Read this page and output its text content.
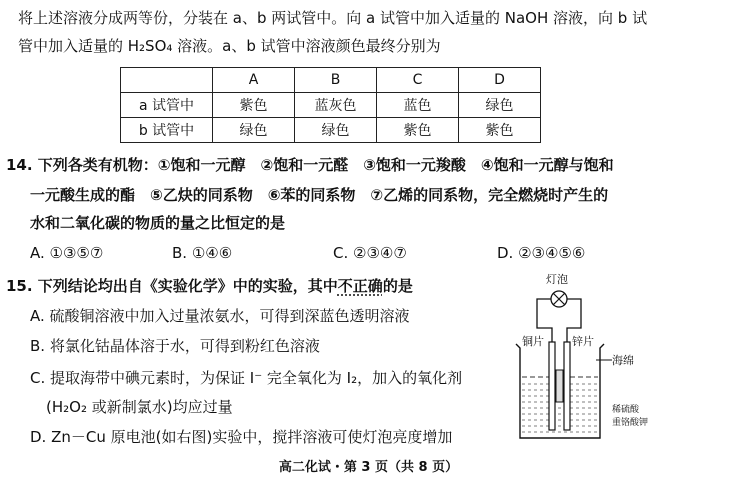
将上述溶液分成两等份，分装在 a、b 两试管中。向 a 试管中加入适量的 NaOH 溶液，向 b 试
管中加入适量的 H₂SO₄ 溶液。a、b 试管中溶液颜色最终分别为
	A	B	C	D
a 试管中	紫色	蓝灰色	蓝色	绿色
b 试管中	绿色	绿色	紫色	紫色
14. 下列各类有机物：①饱和一元醇　②饱和一元醛　③饱和一元羧酸　④饱和一元醇与饱和
一元酸生成的酯　⑤乙炔的同系物　⑥苯的同系物　⑦乙烯的同系物，完全燃烧时产生的
水和二氧化碳的物质的量之比恒定的是
A. ①③⑤⑦	B. ①④⑥	C. ②③④⑦	D. ②③④⑤⑥
15. 下列结论均出自《实验化学》中的实验，其中不正确的是
A. 硫酸铜溶液中加入过量浓氨水，可得到深蓝色透明溶液
B. 将氯化钴晶体溶于水，可得到粉红色溶液
C. 提取海带中碘元素时，为保证 I⁻ 完全氧化为 I₂，加入的氧化剂
(H₂O₂ 或新制氯水)均应过量
D. Zn－Cu 原电池(如右图)实验中，搅拌溶液可使灯泡亮度增加
灯泡
铜片	锌片
海绵
稀硫酸
重铬酸钾
高二化试・第 3 页（共 8 页）
